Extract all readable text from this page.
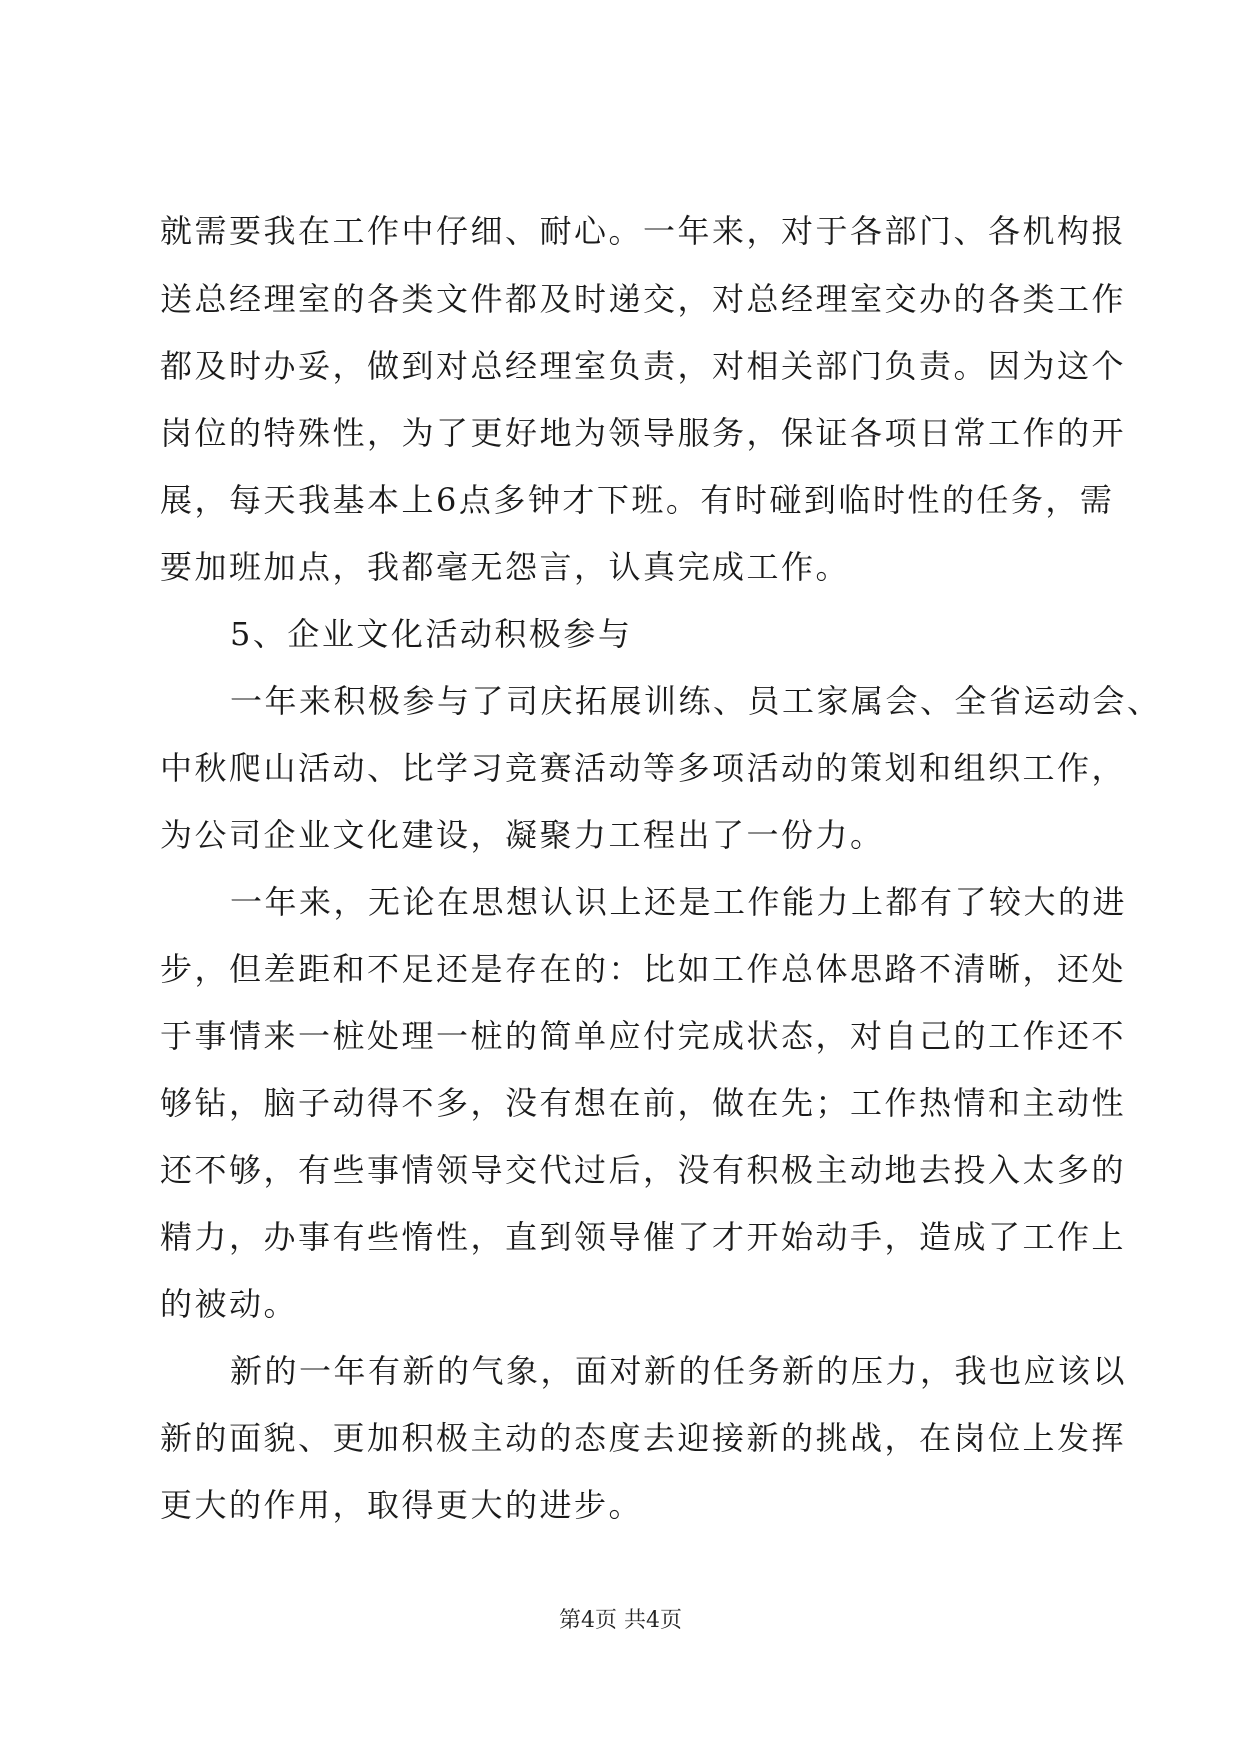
就需要我在工作中仔细、耐心。一年来，对于各部门、各机构报
送总经理室的各类文件都及时递交，对总经理室交办的各类工作
都及时办妥，做到对总经理室负责，对相关部门负责。因为这个
岗位的特殊性，为了更好地为领导服务，保证各项日常工作的开
展，每天我基本上6点多钟才下班。有时碰到临时性的任务，需
要加班加点，我都毫无怨言，认真完成工作。
5、企业文化活动积极参与
一年来积极参与了司庆拓展训练、员工家属会、全省运动会、
中秋爬山活动、比学习竞赛活动等多项活动的策划和组织工作，
为公司企业文化建设，凝聚力工程出了一份力。
一年来，无论在思想认识上还是工作能力上都有了较大的进
步，但差距和不足还是存在的：比如工作总体思路不清晰，还处
于事情来一桩处理一桩的简单应付完成状态，对自己的工作还不
够钻，脑子动得不多，没有想在前，做在先；工作热情和主动性
还不够，有些事情领导交代过后，没有积极主动地去投入太多的
精力，办事有些惰性，直到领导催了才开始动手，造成了工作上
的被动。
新的一年有新的气象，面对新的任务新的压力，我也应该以
新的面貌、更加积极主动的态度去迎接新的挑战，在岗位上发挥
更大的作用，取得更大的进步。
第4页 共4页
